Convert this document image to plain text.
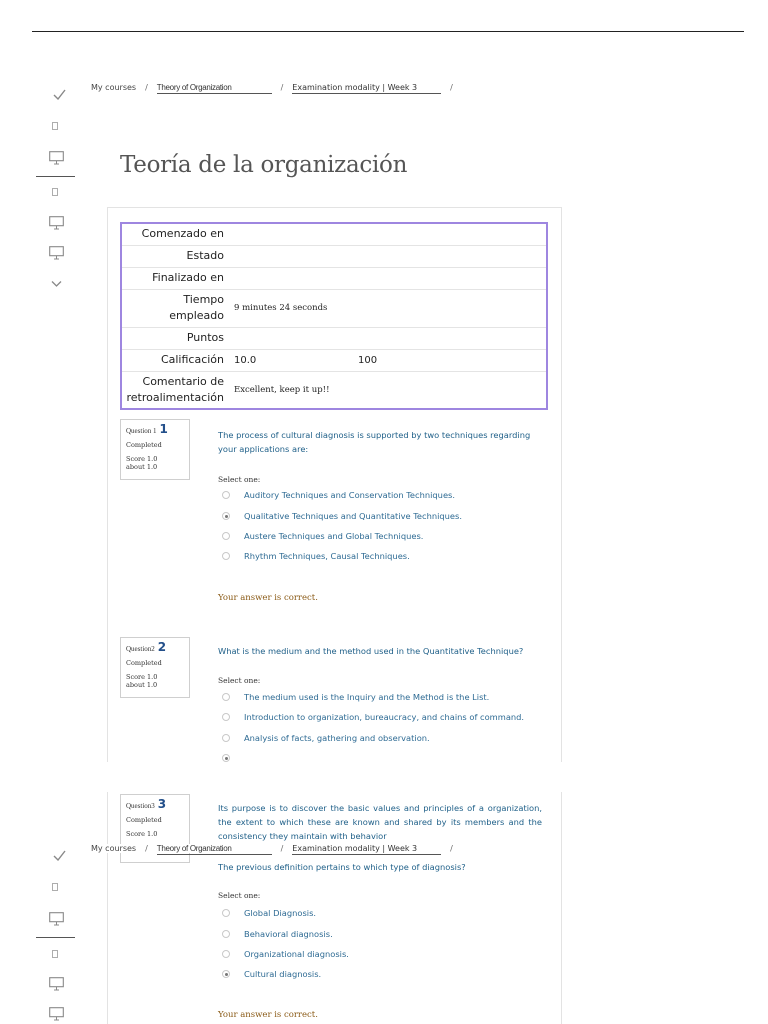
My courses / Theory of Organization	/ Examination modality | Week 3	/
Teoría de la organización
Comenzado en	
Estado	
Finalizado en	
Tiempo empleado	9 minutes 24 seconds
Puntos	
Calificación	10.0 100
Comentario de retroalimentación	Excellent, keep it up!!
Question 1 1
Completed
Score 1.0
about 1.0
The process of cultural diagnosis is supported by two techniques regarding your applications are:
Select one:
Auditory Techniques and Conservation Techniques.
Qualitative Techniques and Quantitative Techniques.
Austere Techniques and Global Techniques.
Rhythm Techniques, Causal Techniques.
Your answer is correct.
Question2 2
Completed
Score 1.0
about 1.0
What is the medium and the method used in the Quantitative Technique?
Select one:
The medium used is the Inquiry and the Method is the List.
Introduction to organization, bureaucracy, and chains of command.
Analysis of facts, gathering and observation.
Question3 3
Completed
Score 1.0
Its purpose is to discover the basic values and principles of a organization, the extent to which these are known and shared by its members and the consistency they maintain with behavior
My courses / Theory of Organization	/ Examination modality | Week 3	/
The previous definition pertains to which type of diagnosis?
Select one:
Global Diagnosis.
Behavioral diagnosis.
Organizational diagnosis.
Cultural diagnosis.
Your answer is correct.
